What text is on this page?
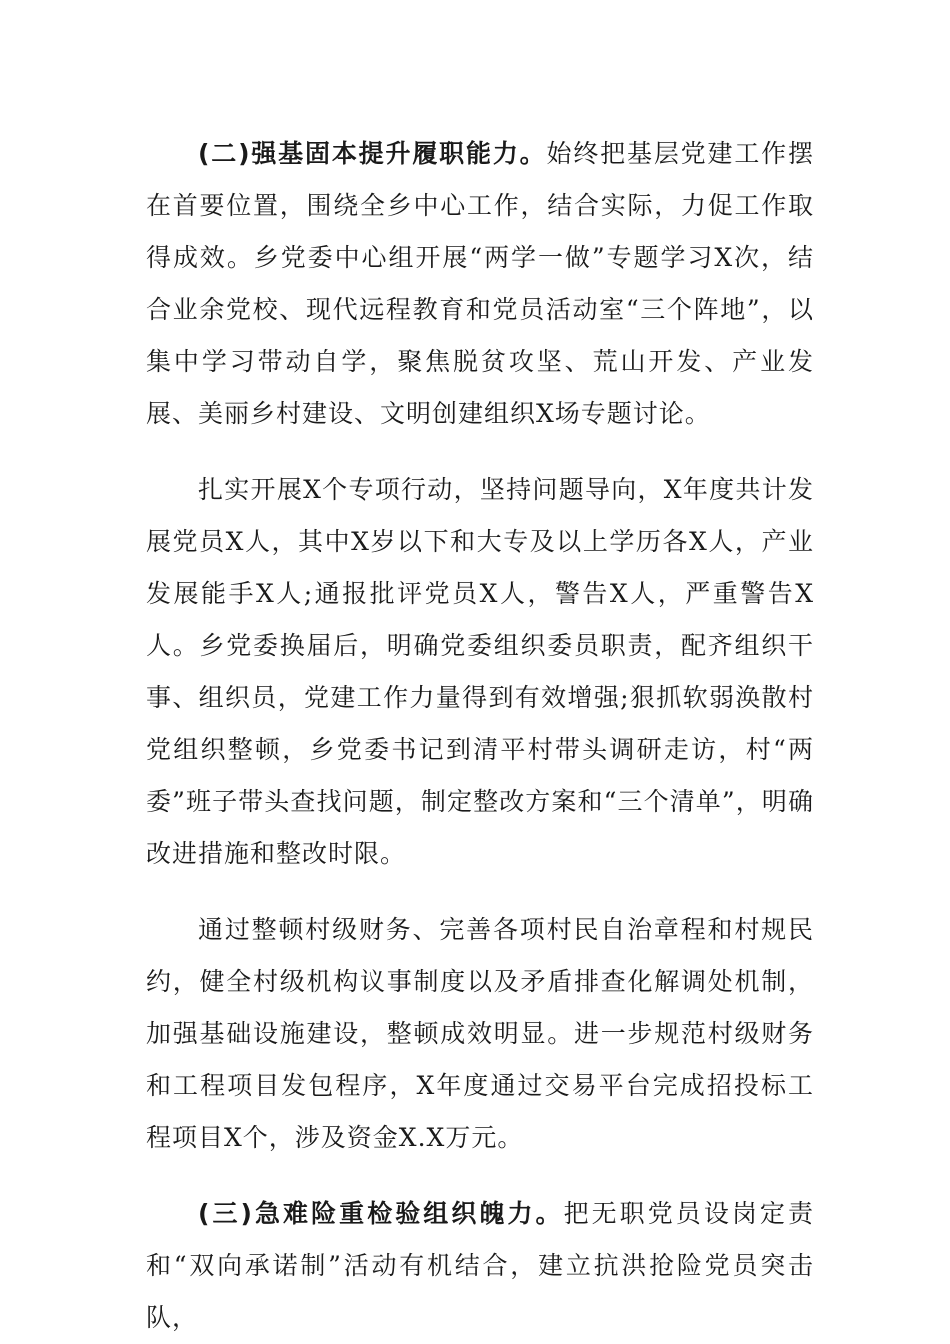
(二)强基固本提升履职能力。始终把基层党建工作摆在首要位置，围绕全乡中心工作，结合实际，力促工作取得成效。乡党委中心组开展“两学一做”专题学习X次，结合业余党校、现代远程教育和党员活动室“三个阵地”，以集中学习带动自学，聚焦脱贫攻坚、荒山开发、产业发展、美丽乡村建设、文明创建组织X场专题讨论。

扎实开展X个专项行动，坚持问题导向，X年度共计发展党员X人，其中X岁以下和大专及以上学历各X人，产业发展能手X人;通报批评党员X人，警告X人，严重警告X人。乡党委换届后，明确党委组织委员职责，配齐组织干事、组织员，党建工作力量得到有效增强;狠抓软弱涣散村党组织整顿，乡党委书记到清平村带头调研走访，村“两委”班子带头查找问题，制定整改方案和“三个清单”，明确改进措施和整改时限。

通过整顿村级财务、完善各项村民自治章程和村规民约，健全村级机构议事制度以及矛盾排查化解调处机制，加强基础设施建设，整顿成效明显。进一步规范村级财务和工程项目发包程序，X年度通过交易平台完成招投标工程项目X个，涉及资金X.X万元。

(三)急难险重检验组织魄力。把无职党员设岗定责和“双向承诺制”活动有机结合，建立抗洪抢险党员突击队，
